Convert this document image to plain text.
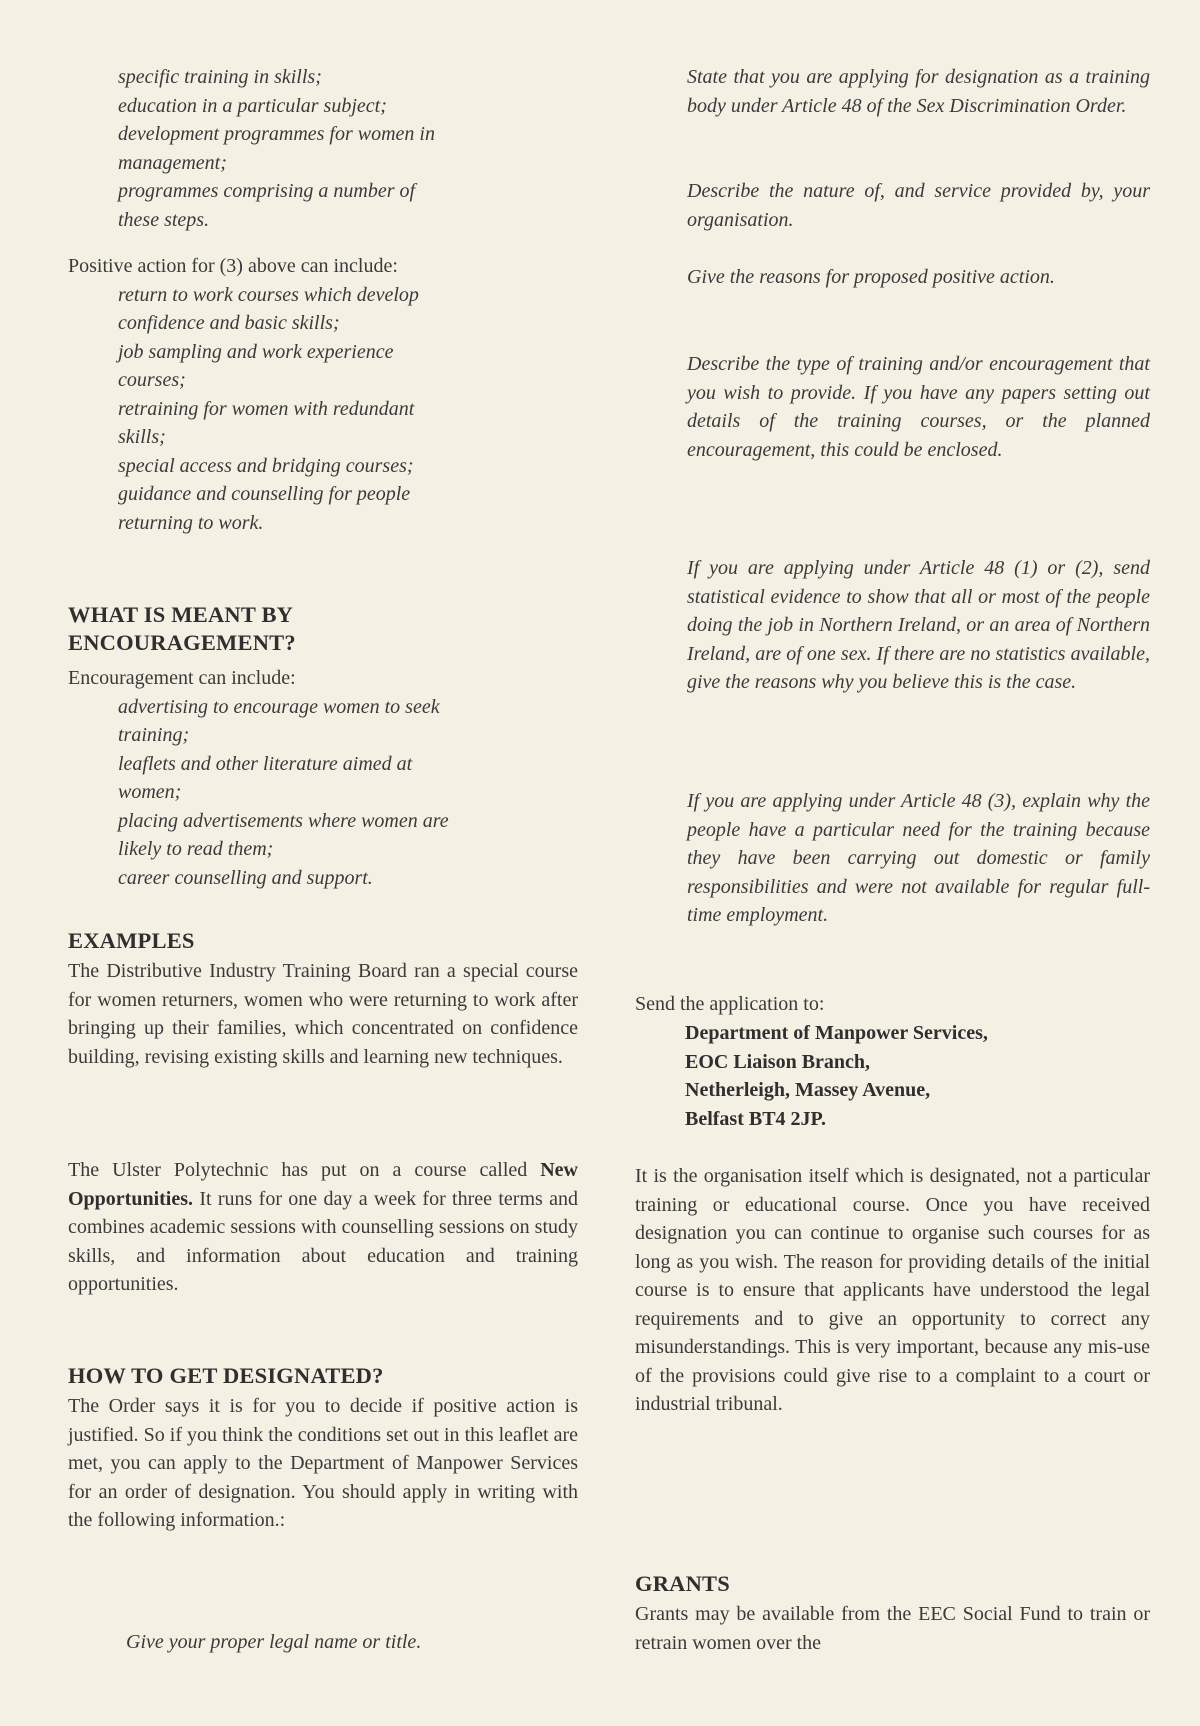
specific training in skills;

education in a particular subject;

development programmes for women in

management;

programmes comprising a number of

these steps.

Positive action for (3) above can include:

return to work courses which develop

confidence and basic skills;

job sampling and work experience

courses;

retraining for women with redundant

skills;

special access and bridging courses;

guidance and counselling for people

returning to work.

WHAT IS MEANT BY

ENCOURAGEMENT?

Encouragement can include:

advertising to encourage women to seek

training;

leaflets and other literature aimed at

women;

placing advertisements where women are

likely to read them;

career counselling and support.

EXAMPLES

The Distributive Industry Training Board ran a special course for women returners, women who were returning to work after bringing up their families, which concentrated on confidence building, revising existing skills and learning new techniques.

The Ulster Polytechnic has put on a course called New Opportunities. It runs for one day a week for three terms and combines academic sessions with counselling sessions on study skills, and information about education and training opportunities.

HOW TO GET DESIGNATED?

The Order says it is for you to decide if positive action is justified. So if you think the conditions set out in this leaflet are met, you can apply to the Department of Manpower Services for an order of designation. You should apply in writing with the following information.:

Give your proper legal name or title.

State that you are applying for designation as a training body under Article 48 of the Sex Discrimination Order.

Describe the nature of, and service provided by, your organisation.

Give the reasons for proposed positive action.

Describe the type of training and/or encouragement that you wish to provide. If you have any papers setting out details of the training courses, or the planned encouragement, this could be enclosed.

If you are applying under Article 48 (1) or (2), send statistical evidence to show that all or most of the people doing the job in Northern Ireland, or an area of Northern Ireland, are of one sex. If there are no statistics available, give the reasons why you believe this is the case.

If you are applying under Article 48 (3), explain why the people have a particular need for the training because they have been carrying out domestic or family responsibilities and were not available for regular full-time employment.

Send the application to:

Department of Manpower Services,

EOC Liaison Branch,

Netherleigh, Massey Avenue,

Belfast BT4 2JP.

It is the organisation itself which is designated, not a particular training or educational course. Once you have received designation you can continue to organise such courses for as long as you wish. The reason for providing details of the initial course is to ensure that applicants have understood the legal requirements and to give an opportunity to correct any misunderstandings. This is very important, because any mis-use of the provisions could give rise to a complaint to a court or industrial tribunal.

GRANTS

Grants may be available from the EEC Social Fund to train or retrain women over the
